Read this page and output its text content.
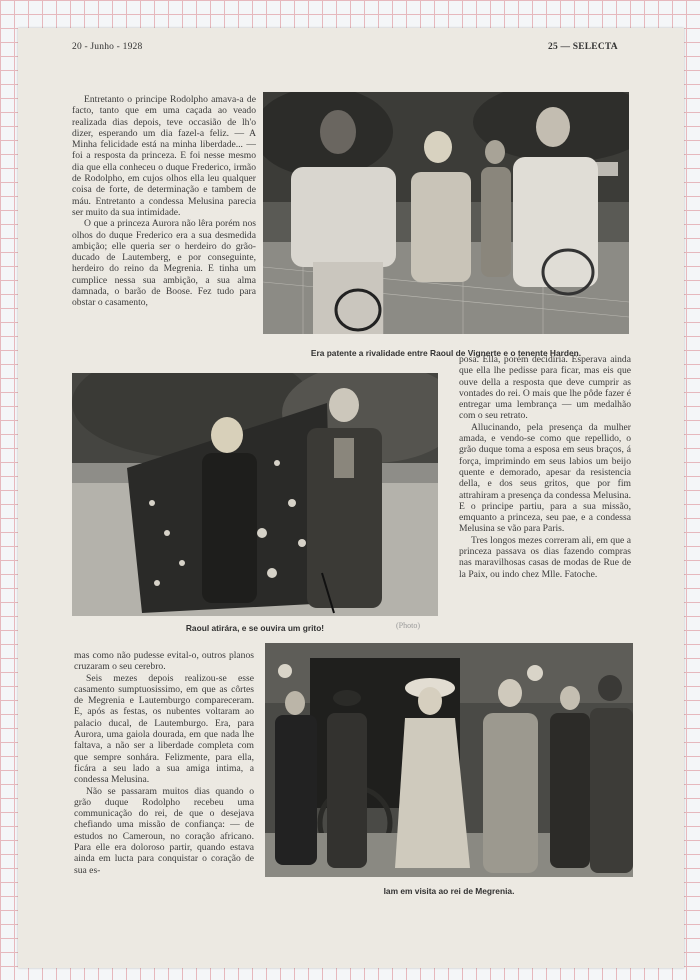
20 - Junho - 1928	25 — SELECTA

Entretanto o principe Rodolpho amava-a de facto, tanto que em uma caçada ao veado realizada dias depois, teve occasião de lh'o dizer, esperando um dia fazel-a feliz. — A Minha felicidade está na minha liberdade... — foi a resposta da princeza. E foi nesse mesmo dia que ella conheceu o duque Frederico, irmão de Rodolpho, em cujos olhos ella leu qualquer coisa de forte, de determinação e tambem de máu. Entretanto a condessa Melusina parecia ser muito da sua intimidade.

O que a princeza Aurora não lêra porém nos olhos do duque Frederico era a sua desmedida ambição; elle queria ser o herdeiro do grão-ducado de Lautemberg, e por conseguinte, herdeiro do reino da Megrenia. E tinha um cumplice nessa sua ambição, a sua alma damnada, o barão de Boose. Fez tudo para obstar o casamento,

Era patente a rivalidade entre Raoul de Vignerte e o tenente Harden.
Raoul atirára, e se ouvira um grito!	(Photo)

posa. Ella, porém decidiria. Esperava ainda que ella lhe pedisse para ficar, mas eis que ouve della a resposta que deve cumprir as vontades do rei. O mais que lhe pôde fazer é entregar uma lembrança — um medalhão com o seu retrato.

Allucinando, pela presença da mulher amada, e vendo-se como que repellido, o grão duque toma a esposa em seus braços, á força, imprimindo em seus labios um beijo quente e demorado, apesar da resistencia della, e dos seus gritos, que por fim attrahiram a presença da condessa Melusina. E o principe partiu, para a sua missão, emquanto a princeza, seu pae, e a condessa Melusina se vão para Paris.

Tres longos mezes correram ali, em que a princeza passava os dias fazendo compras nas maravilhosas casas de modas de Rue de la Paix, ou indo chez Mlle. Fatoche.

mas como não pudesse evital-o, outros planos cruzaram o seu cerebro.

Seis mezes depois realizou-se esse casamento sumptuosissimo, em que as côrtes de Megrenia e Lautemburgo compareceram. E, após as festas, os nubentes voltaram ao palacio ducal, de Lautemburgo. Era, para Aurora, uma gaiola dourada, em que nada lhe faltava, a não ser a liberdade completa com que sempre sonhára. Felizmente, para ella, ficára a seu lado a sua amiga intima, a condessa Melusina.

Não se passaram muitos dias quando o grão duque Rodolpho recebeu uma communicação do rei, de que o desejava chefiando uma missão de confiança: — de estudos no Cameroun, no coração africano. Para elle era doloroso partir, quando estava ainda em lucta para conquistar o coração de sua es-

Iam em visita ao rei de Megrenia.
